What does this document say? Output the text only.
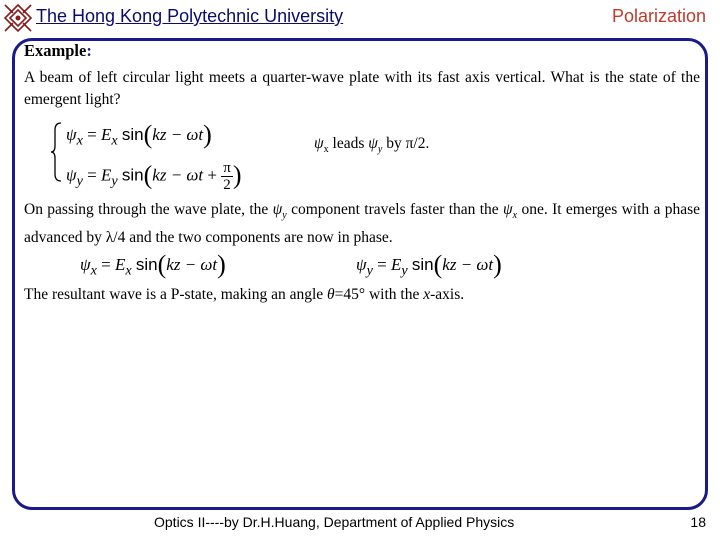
The Hong Kong Polytechnic University	Polarization
Example:
A beam of left circular light meets a quarter-wave plate with its fast axis vertical. What is the state of the emergent light?
$\psi_x = E_x$ sin(kz − ωt)
$\psi_y = E_y$ $\sin(kz - \omega t + \frac{\pi}{2}$ )
$\psi_x$ leads $\psi_y$ by π/2.
On passing through the wave plate, the $\psi_y$ component travels faster than the $\psi_x$ one. It emerges with a phase advanced by λ/4 and the two components are now in phase.
$\psi_x = E_x$ sin(kz − ωt)	$\psi_y = E_y$ sin(kz − ωt)
The resultant wave is a P-state, making an angle θ=45° with the x-axis.
Optics II----by Dr.H.Huang, Department of Applied Physics	18
